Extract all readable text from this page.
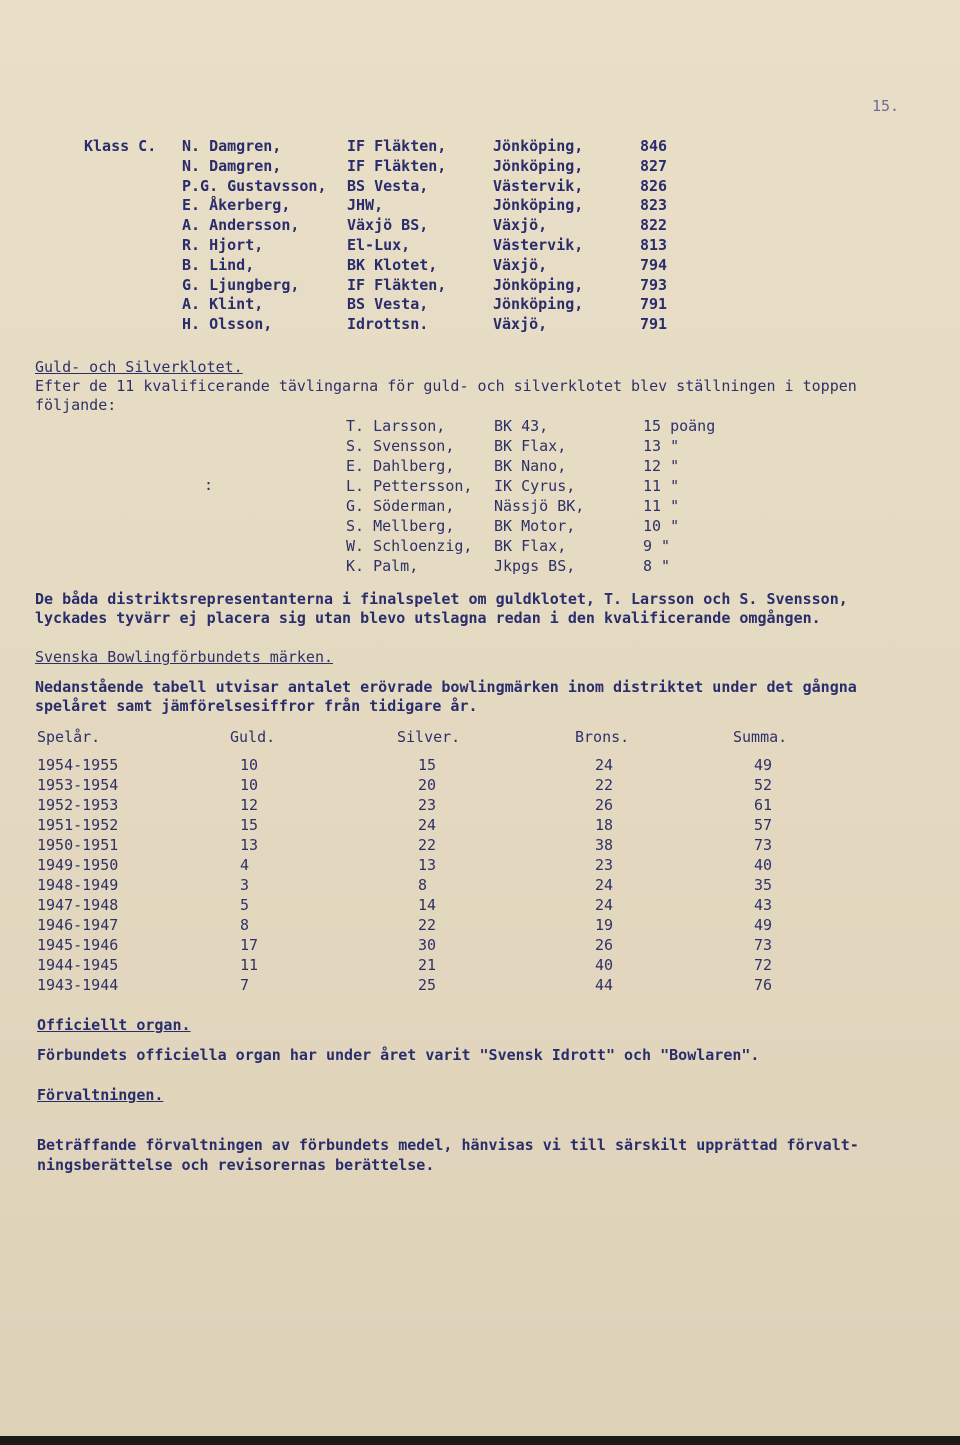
15.
Klass C. N. Damgren,	IF Fläkten,	Jönköping,	846
N. Damgren,	IF Fläkten,	Jönköping,	827
P.G. Gustavsson, BS Vesta,	Västervik,	826
E. Åkerberg,	JHW,	Jönköping,	823
A. Andersson,	Växjö BS,	Växjö,	822
R. Hjort,	El-Lux,	Västervik,	813
B. Lind,	BK Klotet,	Växjö,	794
G. Ljungberg,	IF Fläkten,	Jönköping,	793
A. Klint,	BS Vesta,	Jönköping,	791
H. Olsson,	Idrottsn.	Växjö,	791
Guld- och Silverklotet.
Efter de 11 kvalificerande tävlingarna för guld- och silverklotet blev ställningen i toppen
följande:
:
T. Larsson,	BK 43,	15 poäng
S. Svensson,	BK Flax,	13 "
E. Dahlberg,	BK Nano,	12 "
L. Pettersson, IK Cyrus,	11 "
G. Söderman,	Nässjö BK,	11 "
S. Mellberg,	BK Motor,	10 "
W. Schloenzig, BK Flax,	9 "
K. Palm,	Jkpgs BS,	8 "
De båda distriktsrepresentanterna i finalspelet om guldklotet, T. Larsson och S. Svensson,
lyckades tyvärr ej placera sig utan blevo utslagna redan i den kvalificerande omgången.
Svenska Bowlingförbundets märken.
Nedanstående tabell utvisar antalet erövrade bowlingmärken inom distriktet under det gångna
spelåret samt jämförelsesiffror från tidigare år.
Spelår.	Guld.	Silver.	Brons.	Summa.
1954-1955	10	15	24	49
1953-1954	10	20	22	52
1952-1953	12	23	26	61
1951-1952	15	24	18	57
1950-1951	13	22	38	73
1949-1950	4	13	23	40
1948-1949	3	8	24	35
1947-1948	5	14	24	43
1946-1947	8	22	19	49
1945-1946	17	30	26	73
1944-1945	11	21	40	72
1943-1944	7	25	44	76
Officiellt organ.
Förbundets officiella organ har under året varit "Svensk Idrott" och "Bowlaren".
Förvaltningen.
Beträffande förvaltningen av förbundets medel, hänvisas vi till särskilt upprättad förvalt-
ningsberättelse och revisorernas berättelse.
